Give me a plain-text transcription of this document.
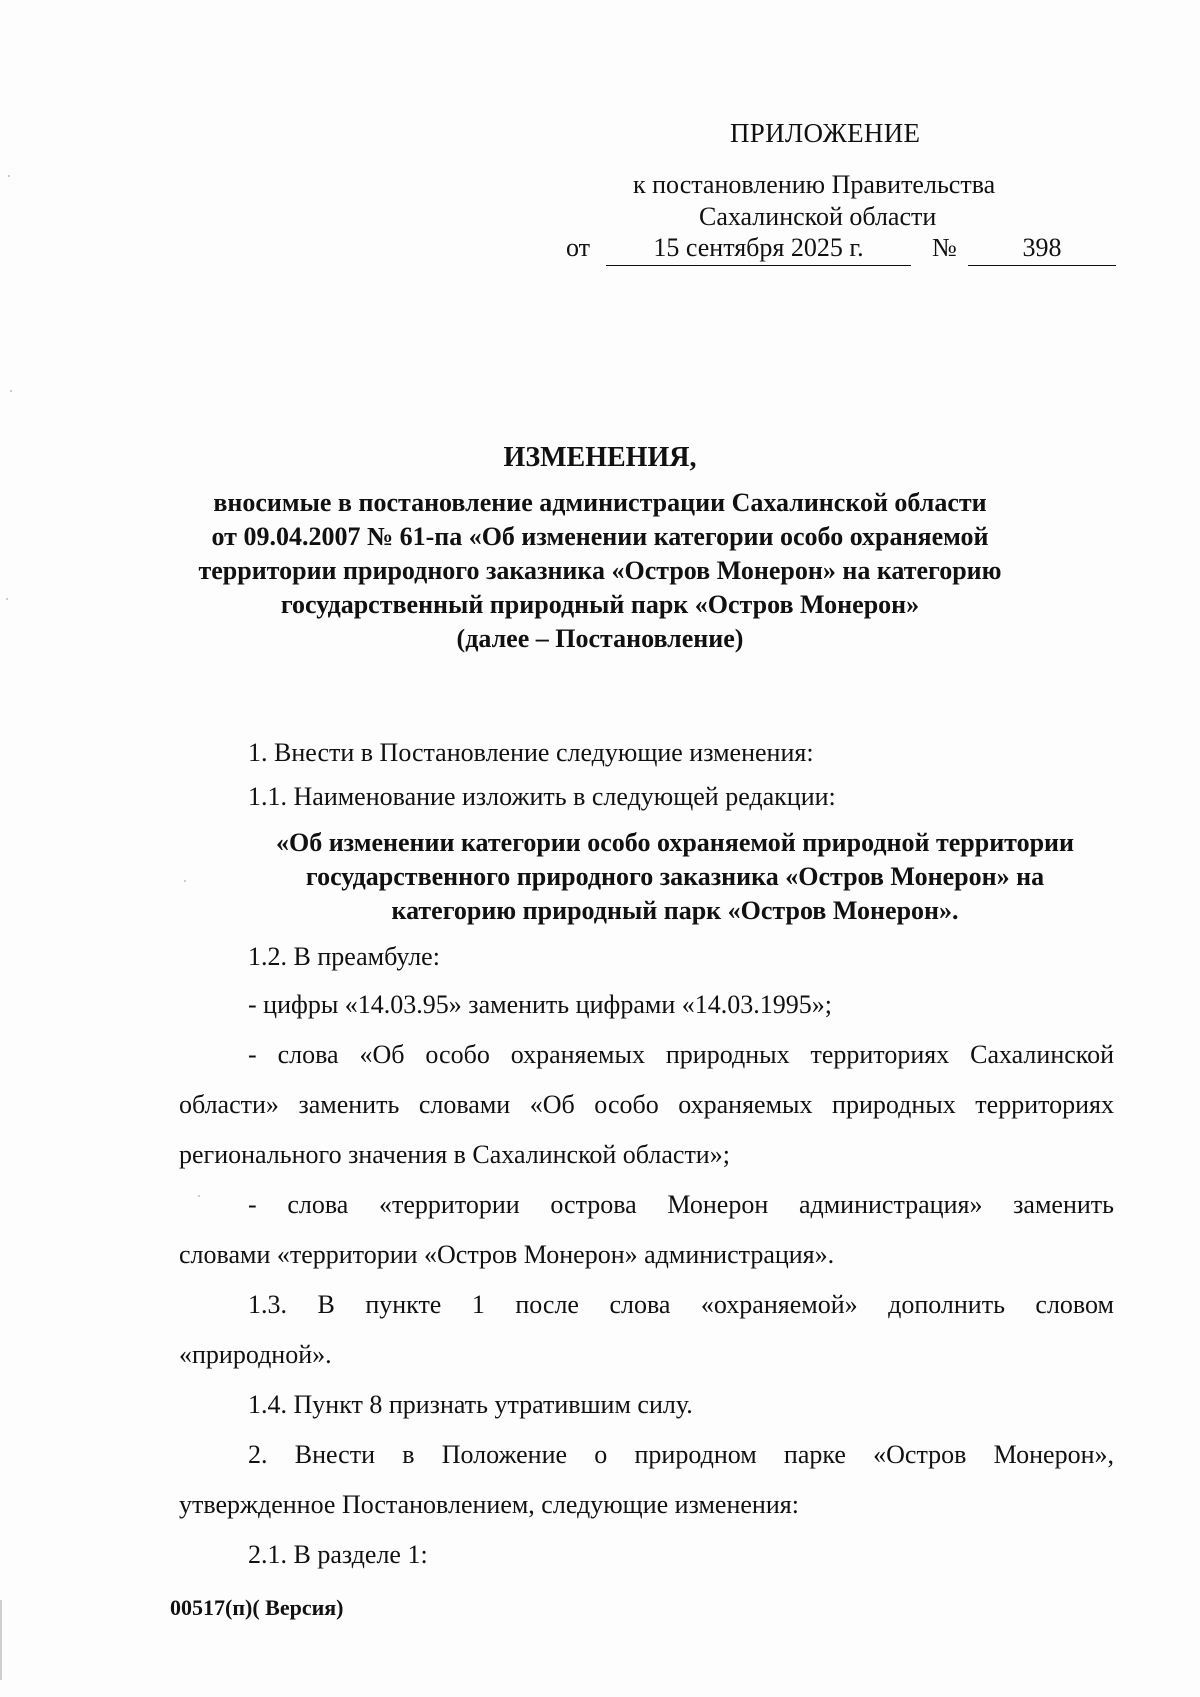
ПРИЛОЖЕНИЕ
к постановлению Правительства
Сахалинской области
от	15 сентября 2025 г.	№	398
ИЗМЕНЕНИЯ,
вносимые в постановление администрации Сахалинской области
от 09.04.2007 № 61-па «Об изменении категории особо охраняемой
территории природного заказника «Остров Монерон» на категорию
государственный природный парк «Остров Монерон»
(далее – Постановление)
1. Внести в Постановление следующие изменения:
1.1. Наименование изложить в следующей редакции:
«Об изменении категории особо охраняемой природной территории
государственного природного заказника «Остров Монерон» на
категорию природный парк «Остров Монерон».
1.2. В преамбуле:
- цифры «14.03.95» заменить цифрами «14.03.1995»;
- слова «Об особо охраняемых природных территориях Сахалинской
области» заменить словами «Об особо охраняемых природных территориях
регионального значения в Сахалинской области»;
- слова «территории острова Монерон администрация» заменить
словами «территории «Остров Монерон» администрация».
1.3. В пункте 1 после слова «охраняемой» дополнить словом
«природной».
1.4. Пункт 8 признать утратившим силу.
2. Внести в Положение о природном парке «Остров Монерон»,
утвержденное Постановлением, следующие изменения:
2.1. В разделе 1:
00517(п)( Версия)
